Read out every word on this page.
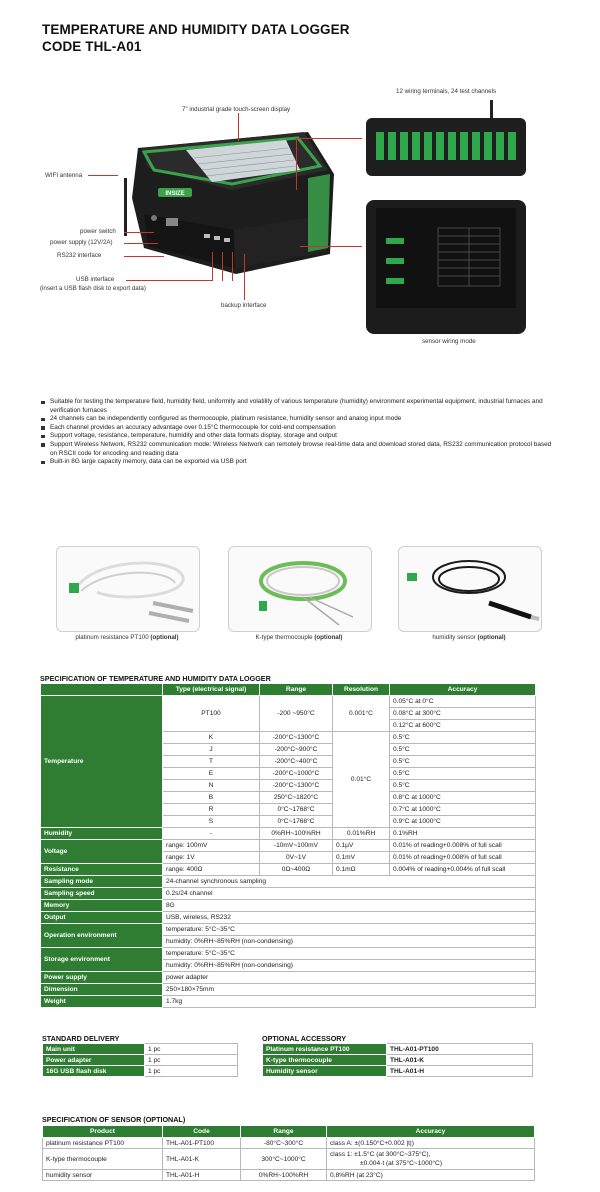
TEMPERATURE AND HUMIDITY DATA LOGGER
CODE THL-A01
INSIZE
7" industrial grade touch-screen display
12 wiring terminals, 24 test channels
WIFI antenna
power switch
power supply (12V/2A)
RS232 interface
USB interface
(insert a USB flash disk to export data)
backup interface
sensor wiring mode
Suitable for testing the temperature field, humidity field, uniformity and volatility of various temperature (humidity) environment experimental equipment, industrial furnaces and verification furnaces
24 channels can be independently configured as thermocouple, platinum resistance, humidity sensor and analog input mode
Each channel provides an accuracy advantage over 0.15°C thermocouple for cold-end compensation
Support voltage, resistance, temperature, humidity and other data formats display, storage and output
Support Wireless Network, RS232 communication mode: Wireless Network can remotely browse real-time data and download stored data, RS232 communication protocol based on RSCII code for encoding and reading data
Built-in 8G large capacity memory, data can be exported via USB port
platinum resistance PT100 (optional)	K-type thermocouple (optional)	humidity sensor (optional)
SPECIFICATION OF TEMPERATURE AND HUMIDITY DATA LOGGER
	Type (electrical signal)	Range	Resolution	Accuracy
Temperature	PT100	-200 ~950°C	0.001°C	0.05°C at 0°C
				0.08°C at 300°C
				0.12°C at 600°C
	K	-200°C~1300°C	0.01°C	0.5°C
	J	-200°C~900°C		0.5°C
	T	-200°C~400°C		0.5°C
	E	-200°C~1000°C		0.5°C
	N	-200°C~1300°C		0.5°C
	B	250°C~1820°C		0.8°C at 1000°C
	R	0°C~1768°C		0.7°C at 1000°C
	S	0°C~1768°C		0.9°C at 1000°C
Humidity	-	0%RH~100%RH	0.01%RH	0.1%RH
Voltage	range: 100mV	-10mV~100mV	0.1μV	0.01% of reading+0.008% of full scall
	range: 1V	0V~1V	0.1mV	0.01% of reading+0.008% of full scall
Resistance	range: 400Ω	0Ω~400Ω	0.1mΩ	0.004% of reading+0.004% of full scall
Sampling mode	24-channel synchronous sampling			
Sampling speed	0.2s/24 channel			
Memory	8G			
Output	USB, wireless, RS232			
Operation environment	temperature: 5°C~35°C			
	humidity: 0%RH~85%RH (non-condensing)			
Storage environment	temperature: 5°C~35°C			
	humidity: 0%RH~85%RH (non-condensing)			
Power supply	power adapter			
Dimension	250×180×75mm			
Weight	1.7kg			
STANDARD DELIVERY
Main unit	1 pc
Power adapter	1 pc
16G USB flash disk	1 pc
OPTIONAL ACCESSORY
Platinum resistance PT100	THL-A01-PT100
K-type thermocouple	THL-A01-K
Humidity sensor	THL-A01-H
SPECIFICATION OF SENSOR (OPTIONAL)
Product	Code	Range	Accuracy
platinum resistance PT100	THL-A01-PT100	-80°C~300°C	class A: ±(0.150°C+0.002 |t|)
K-type thermocouple	THL-A01-K	300°C~1000°C	class 1: ±1.5°C (at 300°C~375°C),
±0.004·t (at 375°C~1000°C)

humidity sensor	THL-A01-H	0%RH~100%RH	0.8%RH (at 23°C)
